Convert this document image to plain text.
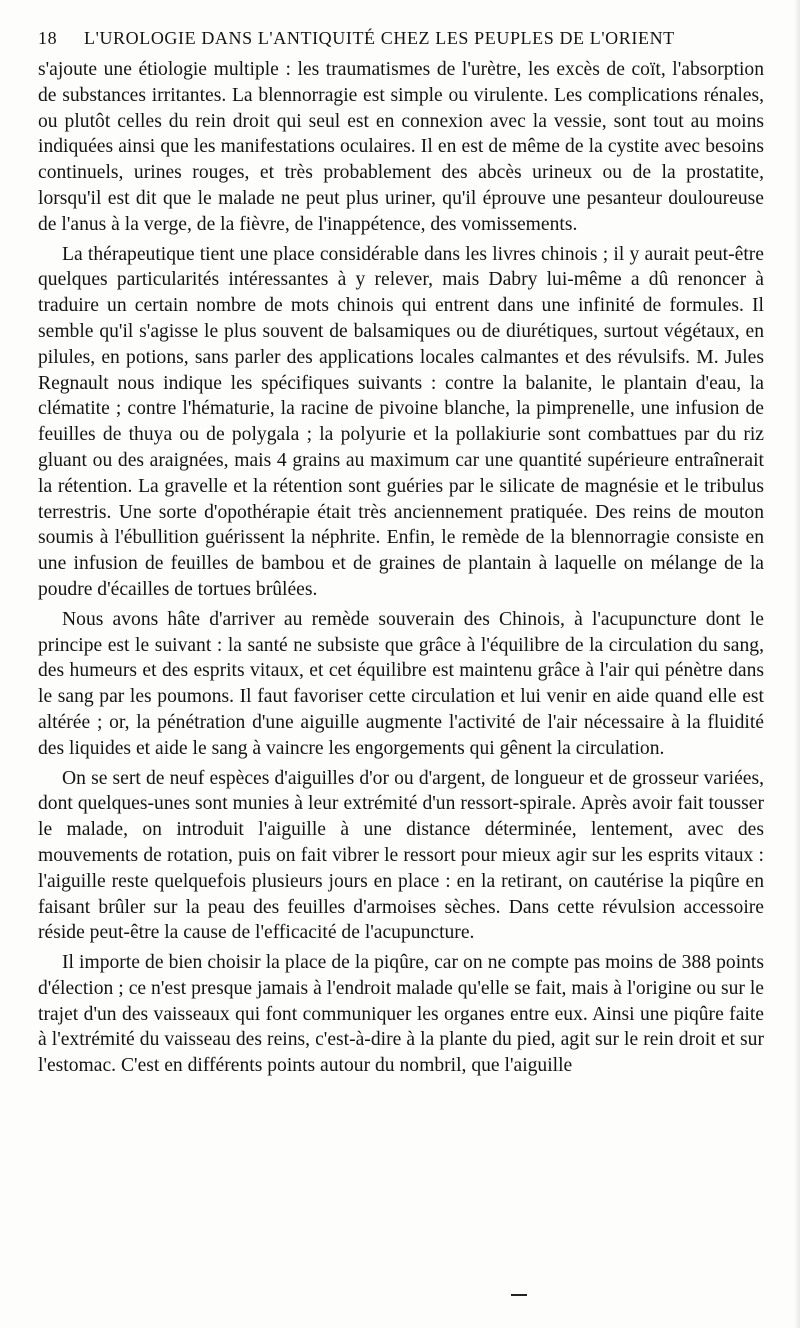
18	L'UROLOGIE DANS L'ANTIQUITÉ CHEZ LES PEUPLES DE L'ORIENT

s'ajoute une étiologie multiple : les traumatismes de l'urètre, les excès de coït, l'absorption de substances irritantes. La blennorragie est simple ou virulente. Les complications rénales, ou plutôt celles du rein droit qui seul est en connexion avec la vessie, sont tout au moins indiquées ainsi que les manifestations oculaires. Il en est de même de la cystite avec besoins continuels, urines rouges, et très probablement des abcès urineux ou de la prostatite, lorsqu'il est dit que le malade ne peut plus uriner, qu'il éprouve une pesanteur douloureuse de l'anus à la verge, de la fièvre, de l'inappétence, des vomissements.

La thérapeutique tient une place considérable dans les livres chinois ; il y aurait peut-être quelques particularités intéressantes à y relever, mais Dabry lui-même a dû renoncer à traduire un certain nombre de mots chinois qui entrent dans une infinité de formules. Il semble qu'il s'agisse le plus souvent de balsamiques ou de diurétiques, surtout végétaux, en pilules, en potions, sans parler des applications locales calmantes et des révulsifs. M. Jules Regnault nous indique les spécifiques suivants : contre la balanite, le plantain d'eau, la clématite ; contre l'hématurie, la racine de pivoine blanche, la pimprenelle, une infusion de feuilles de thuya ou de polygala ; la polyurie et la pollakiurie sont combattues par du riz gluant ou des araignées, mais 4 grains au maximum car une quantité supérieure entraînerait la rétention. La gravelle et la rétention sont guéries par le silicate de magnésie et le tribulus terrestris. Une sorte d'opothérapie était très anciennement pratiquée. Des reins de mouton soumis à l'ébullition guérissent la néphrite. Enfin, le remède de la blennorragie consiste en une infusion de feuilles de bambou et de graines de plantain à laquelle on mélange de la poudre d'écailles de tortues brûlées.

Nous avons hâte d'arriver au remède souverain des Chinois, à l'acupuncture dont le principe est le suivant : la santé ne subsiste que grâce à l'équilibre de la circulation du sang, des humeurs et des esprits vitaux, et cet équilibre est maintenu grâce à l'air qui pénètre dans le sang par les poumons. Il faut favoriser cette circulation et lui venir en aide quand elle est altérée ; or, la pénétration d'une aiguille augmente l'activité de l'air nécessaire à la fluidité des liquides et aide le sang à vaincre les engorgements qui gênent la circulation.

On se sert de neuf espèces d'aiguilles d'or ou d'argent, de longueur et de grosseur variées, dont quelques-unes sont munies à leur extrémité d'un ressort-spirale. Après avoir fait tousser le malade, on introduit l'aiguille à une distance déterminée, lentement, avec des mouvements de rotation, puis on fait vibrer le ressort pour mieux agir sur les esprits vitaux : l'aiguille reste quelquefois plusieurs jours en place : en la retirant, on cautérise la piqûre en faisant brûler sur la peau des feuilles d'armoises sèches. Dans cette révulsion accessoire réside peut-être la cause de l'efficacité de l'acupuncture.

Il importe de bien choisir la place de la piqûre, car on ne compte pas moins de 388 points d'élection ; ce n'est presque jamais à l'endroit malade qu'elle se fait, mais à l'origine ou sur le trajet d'un des vaisseaux qui font communiquer les organes entre eux. Ainsi une piqûre faite à l'extrémité du vaisseau des reins, c'est-à-dire à la plante du pied, agit sur le rein droit et sur l'estomac. C'est en différents points autour du nombril, que l'aiguille
